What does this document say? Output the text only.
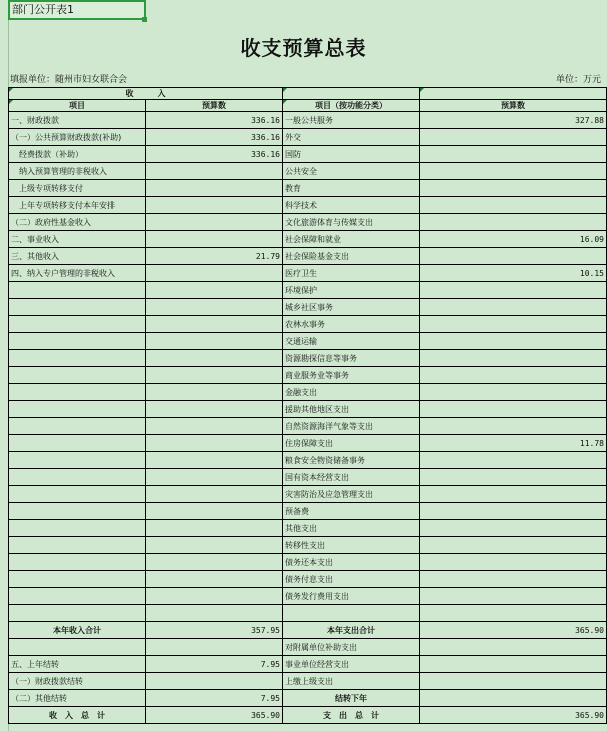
部门公开表1
收支预算总表
填报单位：随州市妇女联合会	单位：万元
收　　　入		

项目	预算数	项目（按功能分类）	预算数
一、财政拨款	336.16	一般公共服务	327.88
（一）公共预算财政拨款(补助)	336.16	外交	
　经费拨款（补助）	336.16	国防	
　纳入预算管理的非税收入		公共安全	
　上级专项转移支付		教育	
　上年专项转移支付本年安排		科学技术	
（二）政府性基金收入		文化旅游体育与传媒支出	
二、事业收入		社会保障和就业	16.09
三、其他收入	21.79	社会保险基金支出	
四、纳入专户管理的非税收入		医疗卫生	10.15
		环境保护	
		城乡社区事务	
		农林水事务	
		交通运输	
		资源勘探信息等事务	
		商业服务业等事务	
		金融支出	
		援助其他地区支出	
		自然资源海洋气象等支出	
		住房保障支出	11.78
		粮食安全物资储备事务	
		国有资本经营支出	
		灾害防治及应急管理支出	
		预备费	
		其他支出	
		转移性支出	
		债务还本支出	
		债务付息支出	
		债务发行费用支出	

本年收入合计	357.95	本年支出合计	365.90
		对附属单位补助支出	
五、上年结转	7.95	事业单位经营支出	
（一）财政拨款结转		上缴上级支出	
（二）其他结转	7.95	结转下年	
收　入　总　计	365.90	支　出　总　计	365.90
